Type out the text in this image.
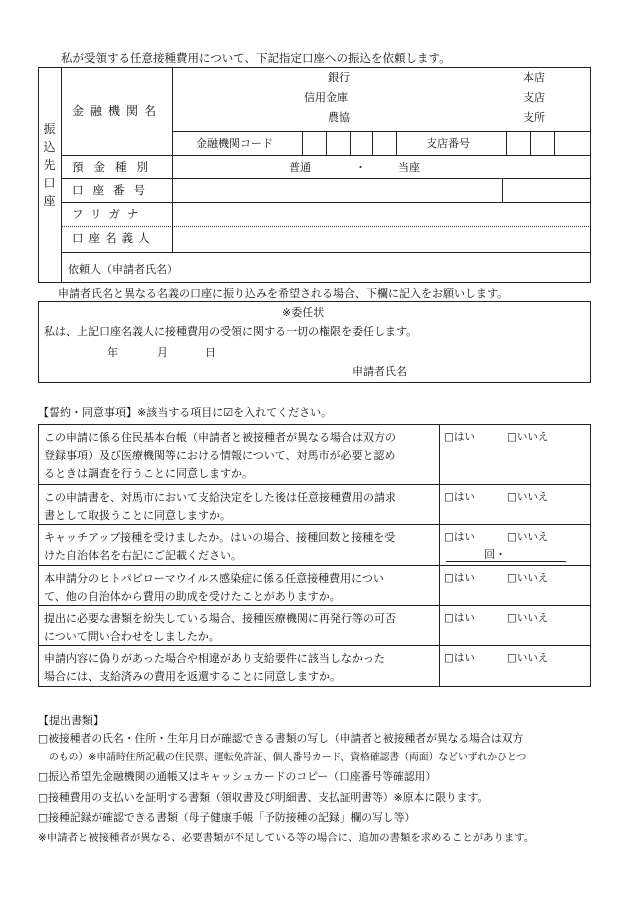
私が受領する任意接種費用について、下記指定口座への振込を依頼します。
振
込
先
口
座
金融機関名
銀行
信用金庫
農協
本店
支店
支所
金融機関コード	支店番号
預金種別	普通	・	当座
口座番号
フリガナ
口座名義人
依頼人（申請者氏名）
申請者氏名と異なる名義の口座に振り込みを希望される場合、下欄に記入をお願いします。
※委任状
私は、上記口座名義人に接種費用の受領に関する一切の権限を委任します。
年	月	日
申請者氏名
【誓約・同意事項】※該当する項目に☑を入れてください。
この申請に係る住民基本台帳（申請者と被接種者が異なる場合は双方の
登録事項）及び医療機関等における情報について、対馬市が必要と認め
るときは調査を行うことに同意しますか。
□はい	□いいえ
この申請書を、対馬市において支給決定をした後は任意接種費用の請求
書として取扱うことに同意しますか。
□はい	□いいえ
キャッチアップ接種を受けましたか。はいの場合、接種回数と接種を受
けた自治体名を右記にご記載ください。
□はい	□いいえ
回・
本申請分のヒトパピローマウイルス感染症に係る任意接種費用につい
て、他の自治体から費用の助成を受けたことがありますか。
□はい	□いいえ
提出に必要な書類を紛失している場合、接種医療機関に再発行等の可否
について問い合わせをしましたか。
□はい	□いいえ
申請内容に偽りがあった場合や相違があり支給要件に該当しなかった
場合には、支給済みの費用を返還することに同意しますか。
□はい	□いいえ
【提出書類】
□被接種者の氏名・住所・生年月日が確認できる書類の写し（申請者と被接種者が異なる場合は双方
のもの）※申請時住所記載の住民票、運転免許証、個人番号カード、資格確認書（両面）などいずれかひとつ
□振込希望先金融機関の通帳又はキャッシュカードのコピー（口座番号等確認用）
□接種費用の支払いを証明する書類（領収書及び明細書、支払証明書等）※原本に限ります。
□接種記録が確認できる書類（母子健康手帳「予防接種の記録」欄の写し等）
※申請者と被接種者が異なる、必要書類が不足している等の場合に、追加の書類を求めることがあります。
